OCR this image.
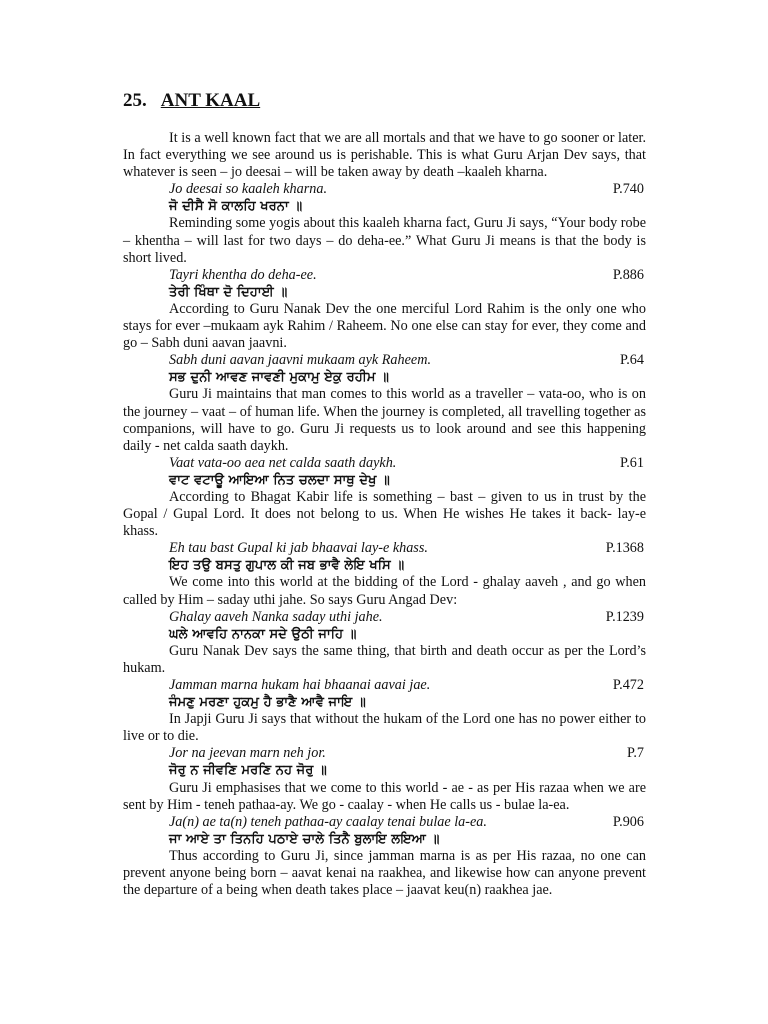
25. ANT KAAL

It is a well known fact that we are all mortals and that we have to go sooner or later. In fact everything we see around us is perishable. This is what Guru Arjan Dev says, that whatever is seen – jo deesai – will be taken away by death –kaaleh kharna.

Jo deesai so kaaleh kharna.	P.740
ਜੋ ਦੀਸੈ ਸੋ ਕਾਲਹਿ ਖਰਨਾ ॥

Reminding some yogis about this kaaleh kharna fact, Guru Ji says, “Your body robe – khentha – will last for two days – do deha-ee.” What Guru Ji means is that the body is short lived.

Tayri khentha do deha-ee.	P.886
ਤੇਰੀ ਖਿੰਥਾ ਦੋ ਦਿਹਾਈ ॥

According to Guru Nanak Dev the one merciful Lord Rahim is the only one who stays for ever –mukaam ayk Rahim / Raheem. No one else can stay for ever, they come and go – Sabh duni aavan jaavni.

Sabh duni aavan jaavni mukaam ayk Raheem.	P.64
ਸਭ ਦੁਨੀ ਆਵਣ ਜਾਵਣੀ ਮੁਕਾਮੁ ਏਕੁ ਰਹੀਮ ॥

Guru Ji maintains that man comes to this world as a traveller – vata-oo, who is on the journey – vaat – of human life. When the journey is completed, all travelling together as companions, will have to go. Guru Ji requests us to look around and see this happening daily - net calda saath daykh.

Vaat vata-oo aea net calda saath daykh.	P.61
ਵਾਟ ਵਟਾਊ ਆਇਆ ਨਿਤ ਚਲਦਾ ਸਾਥੁ ਦੇਖੁ ॥

According to Bhagat Kabir life is something – bast – given to us in trust by the Gopal / Gupal Lord. It does not belong to us. When He wishes He takes it back- lay-e khass.

Eh tau bast Gupal ki jab bhaavai lay-e khass.	P.1368
ਇਹ ਤਉ ਬਸਤੁ ਗੁਪਾਲ ਕੀ ਜਬ ਭਾਵੈ ਲੇਇ ਖਸਿ ॥

We come into this world at the bidding of the Lord - ghalay aaveh , and go when called by Him – saday uthi jahe. So says Guru Angad Dev:

Ghalay aaveh Nanka saday uthi jahe.	P.1239
ਘਲੇ ਆਵਹਿ ਨਾਨਕਾ ਸਦੇ ਉਠੀ ਜਾਹਿ ॥

Guru Nanak Dev says the same thing, that birth and death occur as per the Lord’s hukam.

Jamman marna hukam hai bhaanai aavai jae.	P.472
ਜੰਮਣੁ ਮਰਣਾ ਹੁਕਮੁ ਹੈ ਭਾਣੈ ਆਵੈ ਜਾਇ ॥

In Japji Guru Ji says that without the hukam of the Lord one has no power either to live or to die.

Jor na jeevan marn neh jor.	P.7
ਜੋਰੁ ਨ ਜੀਵਣਿ ਮਰਣਿ ਨਹ ਜੋਰੁ ॥

Guru Ji emphasises that we come to this world - ae - as per His razaa when we are sent by Him - teneh pathaa-ay. We go - caalay - when He calls us - bulae la-ea.

Ja(n) ae ta(n) teneh pathaa-ay caalay tenai bulae la-ea.	P.906
ਜਾ ਆਏ ਤਾ ਤਿਨਹਿ ਪਠਾਏ ਚਾਲੇ ਤਿਨੈ ਬੁਲਾਇ ਲਇਆ ॥

Thus according to Guru Ji, since jamman marna is as per His razaa, no one can prevent anyone being born – aavat kenai na raakhea, and likewise how can anyone prevent the departure of a being when death takes place – jaavat keu(n) raakhea jae.
